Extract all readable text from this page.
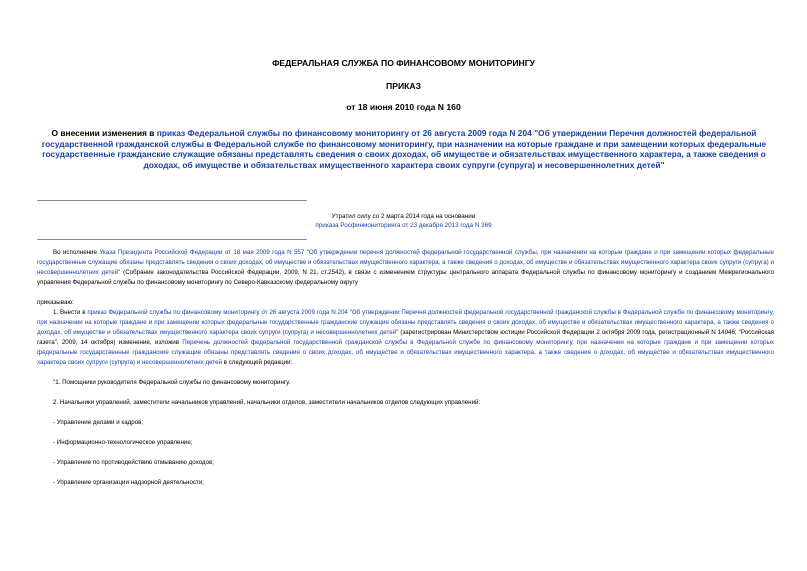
ФЕДЕРАЛЬНАЯ СЛУЖБА ПО ФИНАНСОВОМУ МОНИТОРИНГУ
ПРИКАЗ
от 18 июня 2010 года N 160
О внесении изменения в приказ Федеральной службы по финансовому мониторингу от 26 августа 2009 года N 204 "Об утверждении Перечня должностей федеральной государственной гражданской службы в Федеральной службе по финансовому мониторингу, при назначении на которые граждане и при замещении которых федеральные государственные гражданские служащие обязаны представлять сведения о своих доходах, об имуществе и обязательствах имущественного характера, а также сведения о доходах, об имуществе и обязательствах имущественного характера своих супруги (супруга) и несовершеннолетних детей"
Утратил силу со 2 марта 2014 года на основании
приказа Росфинмониторинга от 23 декабря 2013 года N 369

Во исполнение Указа Президента Российской Федерации от 18 мая 2009 года N 557 "Об утверждении перечня должностей федеральной государственной службы, при назначении на которые граждане и при замещении которых федеральные государственные служащие обязаны представлять сведения о своих доходах, об имуществе и обязательствах имущественного характера, а также сведения о доходах, об имуществе и обязательствах имущественного характера своих супруги (супруга) и несовершеннолетних детей" (Собрание законодательства Российской Федерации, 2009, N 21, ст.2542), в связи с изменением структуры центрального аппарата Федеральной службы по финансовому мониторингу и созданием Межрегионального управления Федеральной службы по финансовому мониторингу по Северо-Кавказскому федеральному округу

приказываю:

1. Внести в приказ Федеральной службы по финансовому мониторингу от 26 августа 2009 года N 204 "Об утверждении Перечня должностей федеральной государственной гражданской службы в Федеральной службе по финансовому мониторингу, при назначении на которые граждане и при замещении которых федеральные государственные гражданские служащие обязаны представлять сведения о своих доходах, об имуществе и обязательствах имущественного характера, а также сведения о доходах, об имуществе и обязательствах имущественного характера своих супруги (супруга) и несовершеннолетних детей" (зарегистрирован Министерством юстиции Российской Федерации 2 октября 2009 года, регистрационный N 14946; "Российская газета", 2009, 14 октября) изменение, изложив Перечень должностей федеральной государственной гражданской службы в Федеральной службе по финансовому мониторингу, при назначении на которые граждане и при замещении которых федеральные государственные гражданские служащие обязаны представлять сведения о своих доходах, об имуществе и обязательствах имущественного характера, а также сведения о доходах, об имуществе и обязательствах имущественного характера своих супруги (супруга) и несовершеннолетних детей в следующей редакции:

"1. Помощники руководителя Федеральной службы по финансовому мониторингу.

2. Начальники управлений, заместители начальников управлений, начальники отделов, заместители начальников отделов следующих управлений:

- Управление делами и кадров;

- Информационно-технологическое управление;

- Управление по противодействию отмыванию доходов;

- Управление организации надзорной деятельности;
